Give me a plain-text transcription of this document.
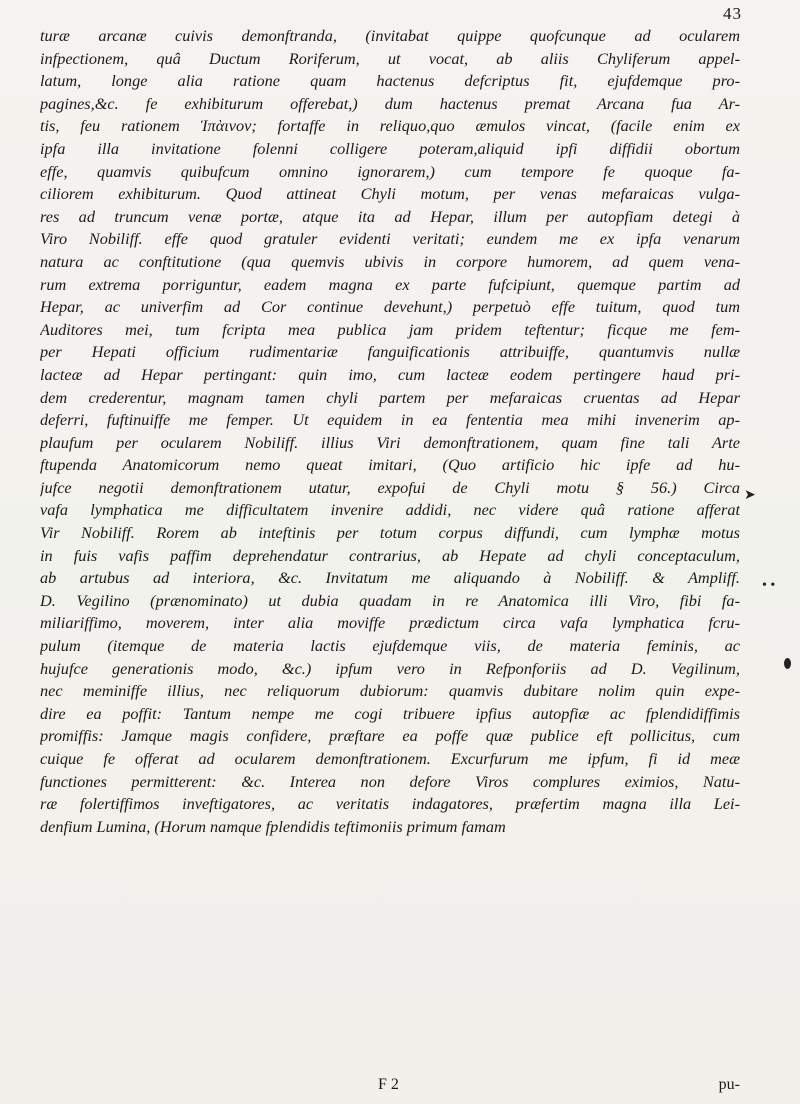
43
turæ arcanæ cuivis demonftranda, (invitabat quippe quofcunque ad ocularem
infpectionem, quâ Ductum Roriferum, ut vocat, ab aliis Chyliferum appel-
latum, longe alia ratione quam hactenus defcriptus fit, ejufdemque pro-
pagines,&c. fe exhibiturum offerebat,) dum hactenus premat Arcana fua Ar-
tis, feu rationem Ἱπὰινον; fortaffe in reliquo,quo æmulos vincat, (facile enim ex
ipfa illa invitatione folenni colligere poteram,aliquid ipfi diffidii obortum
effe, quamvis quibufcum omnino ignorarem,) cum tempore fe quoque fa-
ciliorem exhibiturum. Quod attineat Chyli motum, per venas mefaraicas vulga-
res ad truncum venæ portæ, atque ita ad Hepar, illum per autopfiam detegi à
Viro Nobiliff. effe quod gratuler evidenti veritati; eundem me ex ipfa venarum
natura ac conftitutione (qua quemvis ubivis in corpore humorem, ad quem vena-
rum extrema porriguntur, eadem magna ex parte fufcipiunt, quemque partim ad
Hepar, ac univerfim ad Cor continue devehunt,) perpetuò effe tuitum, quod tum
Auditores mei, tum fcripta mea publica jam pridem teftentur; ficque me fem-
per Hepati officium rudimentariæ fanguificationis attribuiffe, quantumvis nullæ
lacteæ ad Hepar pertingant: quin imo, cum lacteæ eodem pertingere haud pri-
dem crederentur, magnam tamen chyli partem per mefaraicas cruentas ad Hepar
deferri, fuftinuiffe me femper. Ut equidem in ea fententia mea mihi invenerim ap-
plaufum per ocularem Nobiliff. illius Viri demonftrationem, quam fine tali Arte
ftupenda Anatomicorum nemo queat imitari, (Quo artificio hic ipfe ad hu-
jufce negotii demonftrationem utatur, expofui de Chyli motu § 56.) Circa
vafa lymphatica me difficultatem invenire addidi, nec videre quâ ratione afferat
Vir Nobiliff. Rorem ab inteftinis per totum corpus diffundi, cum lymphæ motus
in fuis vafis paffim deprehendatur contrarius, ab Hepate ad chyli conceptaculum,
ab artubus ad interiora, &c. Invitatum me aliquando à Nobiliff. & Ampliff.
D. Vegilino (prænominato) ut dubia quadam in re Anatomica illi Viro, fibi fa-
miliariffimo, moverem, inter alia moviffe prædictum circa vafa lymphatica fcru-
pulum (itemque de materia lactis ejufdemque viis, de materia feminis, ac
hujufce generationis modo, &c.) ipfum vero in Refponforiis ad D. Vegilinum,
nec meminiffe illius, nec reliquorum dubiorum: quamvis dubitare nolim quin expe-
dire ea poffit: Tantum nempe me cogi tribuere ipfius autopfiæ ac fplendidiffimis
promiffis: Jamque magis confidere, præftare ea poffe quæ publice eft pollicitus, cum
cuique fe offerat ad ocularem demonftrationem. Excurfurum me ipfum, fi id meæ
functiones permitterent: &c. Interea non defore Viros complures eximios, Natu-
ræ folertiffimos inveftigatores, ac veritatis indagatores, præfertim magna illa Lei-
denfium Lumina, (Horum namque fplendidis teftimoniis primum famam
F 2	pu-
➤
• •
